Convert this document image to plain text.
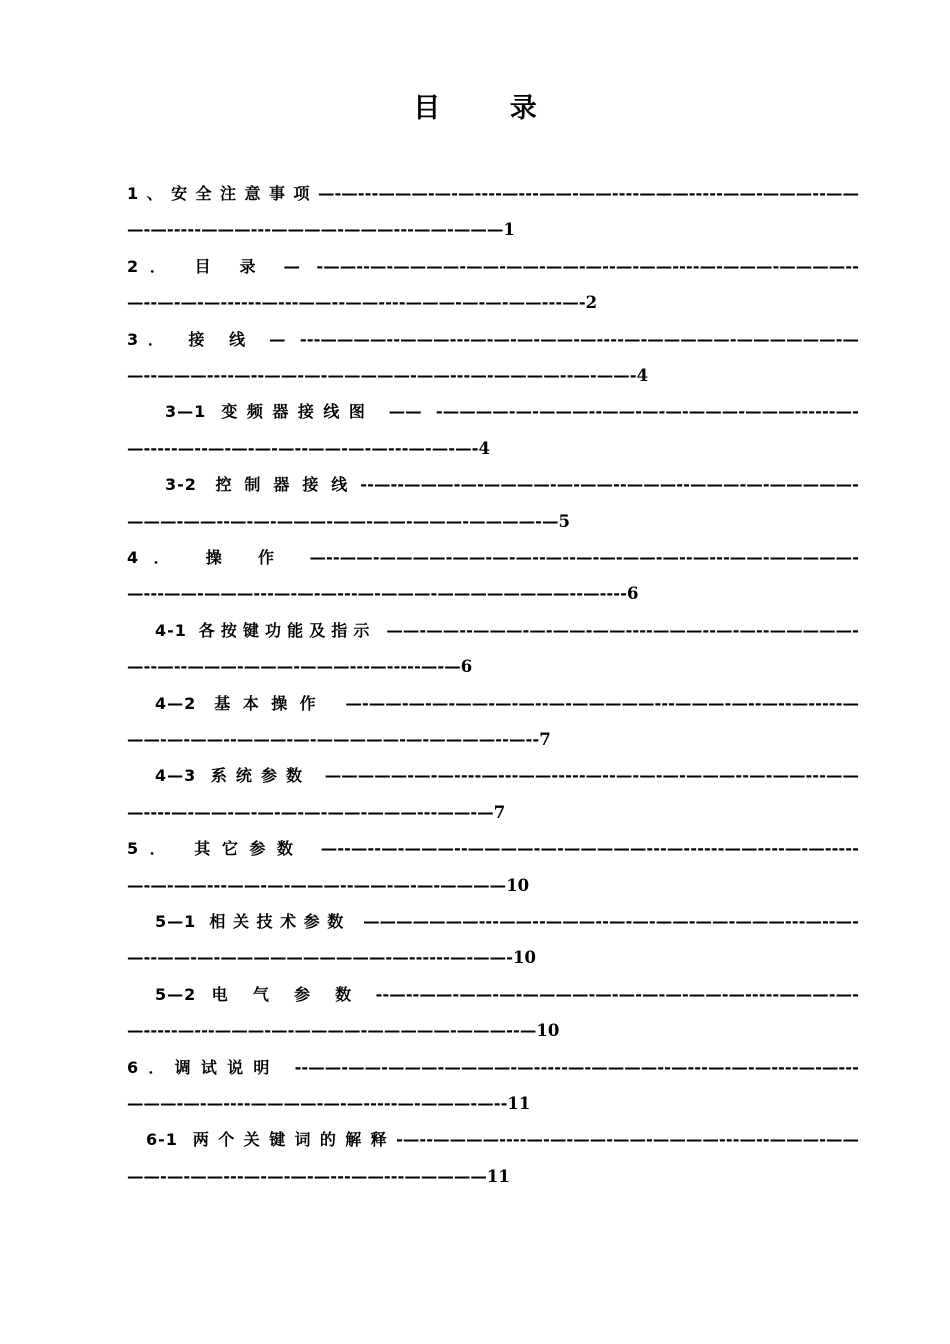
目 录
1、安全注意事项—-—---———-—-—----—---——-——----———-----——-———--——
—-—-----———---————-———---——-———1
2． 目 录 — -——--—-————-——-——-——-—--—-——----—-———-————--
—--—-—-—------—---——--——----———-—-—-——---—-2
3． 接 线 — ---————--———---—-—-—-——-—----—-—————-——————-—
—--———----—--——-—-—————-——---—-————--—-——-4
3—1 变频器接线图 —— -————-—-———--——-—-—-———-———------—-
—-----—--—-—-—-—--——-—-—---—-—-—-4
3-2 控制器接线--—--———-—-————-—-——--———--———-—-—————-
———-——--—-—-———-——-——-———-————-—5
4． 操 作 —--——-————-——-—-—--—--—-—-——-—--—---——-—————-
—---——-———---—-—-—---—-———-————————--—----6
4-1 各按键功能及指示 ——-——--———-—-——-——----———--—-—--—————-
—--—--———-———-———---—-----—-—6
4—2 基本操作 —-——-—-—-——-—-—--—-—————---———-—--—--—-----—
——-—-——--———-—-—————-—-————--—--7
4—3 系统参数 —————-—-—----—---——-----—--—-—-—-———--—-——---——
—----—-——-—-—-—-—-——-———---——-—7
5． 其它参数 —--—--—-———--————-—-—————---—------——----—-—-----
—-—-——---——-—-———--——-—-—-————10
5—1 相关技术参数 ———————---——--———--—-—-——-——-———---—--—-
—--——-—-——————————-—------—-——-10
5—2 电 气 参 数 --—--——-——-—-————-—-—-—-—-——-—-----———-—-
—-----—---———-—-————-—————-———--—10
6．调试说明 --——-——-———-————-—-----—-————--—---—-—-—----—-—---
———-—-—----————-—-—-----—-———-—--11
6-1 两个关键词的解释-—--————----—-—-——-——-————---—--———-——
——-—-——---—-—-—-—---——---—————11
